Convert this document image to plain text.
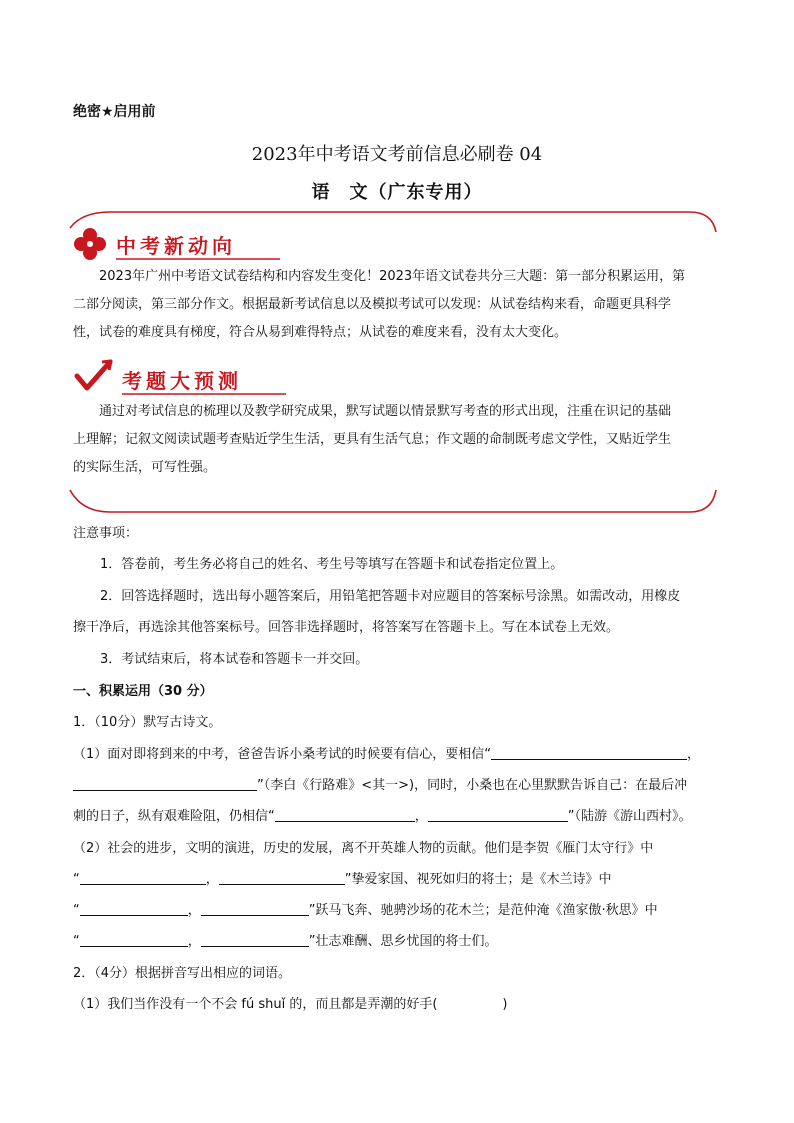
绝密★启用前
2023年中考语文考前信息必刷卷 04
语　文（广东专用）
中考新动向
2023年广州中考语文试卷结构和内容发生变化！2023年语文试卷共分三大题：第一部分积累运用，第
二部分阅读，第三部分作文。根据最新考试信息以及模拟考试可以发现：从试卷结构来看，命题更具科学
性，试卷的难度具有梯度，符合从易到难得特点；从试卷的难度来看，没有太大变化。
考题大预测
通过对考试信息的梳理以及教学研究成果，默写试题以情景默写考查的形式出现，注重在识记的基础
上理解；记叙文阅读试题考查贴近学生生活，更具有生活气息；作文题的命制既考虑文学性，又贴近学生
的实际生活，可写性强。
注意事项：
1．答卷前，考生务必将自己的姓名、考生号等填写在答题卡和试卷指定位置上。
2．回答选择题时，选出每小题答案后，用铅笔把答题卡对应题目的答案标号涂黑。如需改动，用橡皮
擦干净后，再选涂其他答案标号。回答非选择题时，将答案写在答题卡上。写在本试卷上无效。
3．考试结束后，将本试卷和答题卡一并交回。
一、积累运用（30 分）
1．（10分）默写古诗文。
（1）面对即将到来的中考，爸爸告诉小桑考试的时候要有信心，要相信“	，
”（李白《行路难》<其一>)，同时，小桑也在心里默默告诉自己：在最后冲
刺的日子，纵有艰难险阻，仍相信“	，	”（陆游《游山西村》。
（2）社会的进步，文明的演进，历史的发展，离不开英雄人物的贡献。他们是李贺《雁门太守行》中
“	，	”挚爱家国、视死如归的将士；是《木兰诗》中
“	，	”跃马飞奔、驰骋沙场的花木兰；是范仲淹《渔家傲·秋思》中
“	，	”壮志难酬、思乡忧国的将士们。
2．（4分）根据拼音写出相应的词语。
（1）我们当作没有一个不会 fú shuǐ 的，而且都是弄潮的好手(　　　　　)
